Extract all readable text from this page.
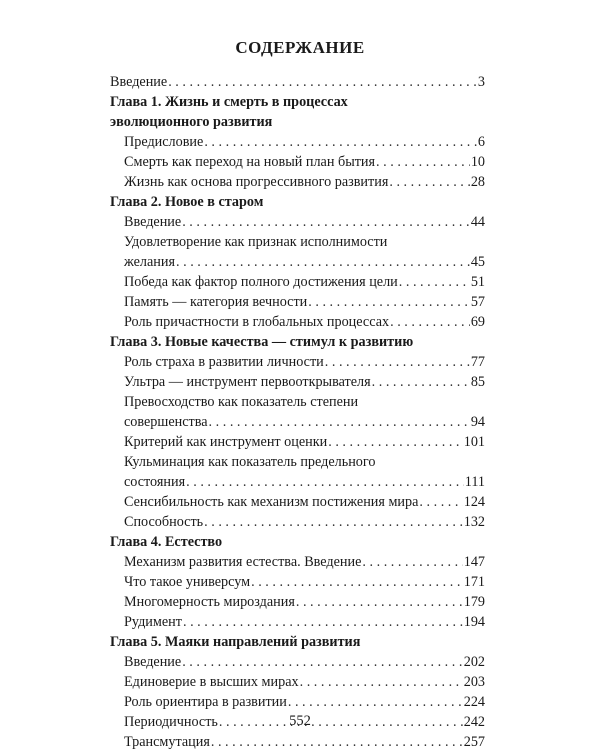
СОДЕРЖАНИЕ
Введение . . .	3
Глава 1. Жизнь и смерть в процессах
эволюционного развития
Предисловие . . .	6
Смерть как переход на новый план бытия . . .	10
Жизнь как основа прогрессивного развития . . .	28
Глава 2. Новое в старом
Введение . . .	44
Удовлетворение как признак исполнимости
желания . . .	45
Победа как фактор полного достижения цели . . .	51
Память — категория вечности . . .	57
Роль причастности в глобальных процессах . . .	69
Глава 3. Новые качества — стимул к развитию
Роль страха в развитии личности . . .	77
Ультра — инструмент первооткрывателя . . .	85
Превосходство как показатель степени
совершенства . . .	94
Критерий как инструмент оценки . . .	101
Кульминация как показатель предельного
состояния . . .	111
Сенсибильность как механизм постижения мира . . .	124
Способность . . .	132
Глава 4. Естество
Механизм развития естества. Введение . . .	147
Что такое универсум . . .	171
Многомерность мироздания . . .	179
Рудимент . . .	194
Глава 5. Маяки направлений развития
Введение . . .	202
Единоверие в высших мирах . . .	203
Роль ориентира в развитии . . .	224
Периодичность . . .	242
Трансмутация . . .	257
552
